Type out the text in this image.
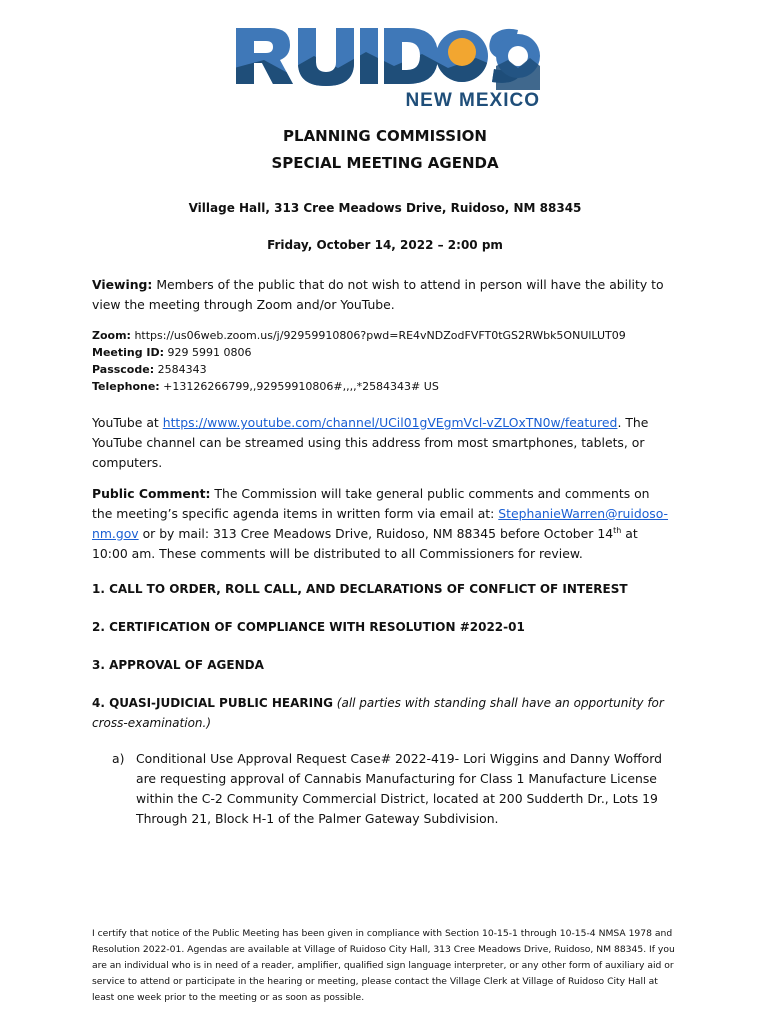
NEW MEXICO
PLANNING COMMISSION
SPECIAL MEETING AGENDA
Village Hall, 313 Cree Meadows Drive, Ruidoso, NM 88345
Friday, October 14, 2022 – 2:00 pm
Viewing: Members of the public that do not wish to attend in person will have the ability to view the meeting through Zoom and/or YouTube.
Zoom: https://us06web.zoom.us/j/92959910806?pwd=RE4vNDZodFVFT0tGS2RWbk5ONUlLUT09
Meeting ID: 929 5991 0806
Passcode: 2584343
Telephone: +13126266799,,92959910806#,,,,*2584343# US
YouTube at https://www.youtube.com/channel/UCil01gVEgmVcl-vZLOxTN0w/featured. The YouTube channel can be streamed using this address from most smartphones, tablets, or computers.
Public Comment: The Commission will take general public comments and comments on the meeting’s specific agenda items in written form via email at: StephanieWarren@ruidoso-nm.gov or by mail: 313 Cree Meadows Drive, Ruidoso, NM 88345 before October 14th at 10:00 am. These comments will be distributed to all Commissioners for review.
1. CALL TO ORDER, ROLL CALL, AND DECLARATIONS OF CONFLICT OF INTEREST
2. CERTIFICATION OF COMPLIANCE WITH RESOLUTION #2022-01
3. APPROVAL OF AGENDA
4. QUASI-JUDICIAL PUBLIC HEARING (all parties with standing shall have an opportunity for cross-examination.)
a) Conditional Use Approval Request Case# 2022-419- Lori Wiggins and Danny Wofford are requesting approval of Cannabis Manufacturing for Class 1 Manufacture License within the C-2 Community Commercial District, located at 200 Sudderth Dr., Lots 19 Through 21, Block H-1 of the Palmer Gateway Subdivision.
I certify that notice of the Public Meeting has been given in compliance with Section 10-15-1 through 10-15-4 NMSA 1978 and Resolution 2022-01. Agendas are available at Village of Ruidoso City Hall, 313 Cree Meadows Drive, Ruidoso, NM 88345. If you are an individual who is in need of a reader, amplifier, qualified sign language interpreter, or any other form of auxiliary aid or service to attend or participate in the hearing or meeting, please contact the Village Clerk at Village of Ruidoso City Hall at least one week prior to the meeting or as soon as possible.
